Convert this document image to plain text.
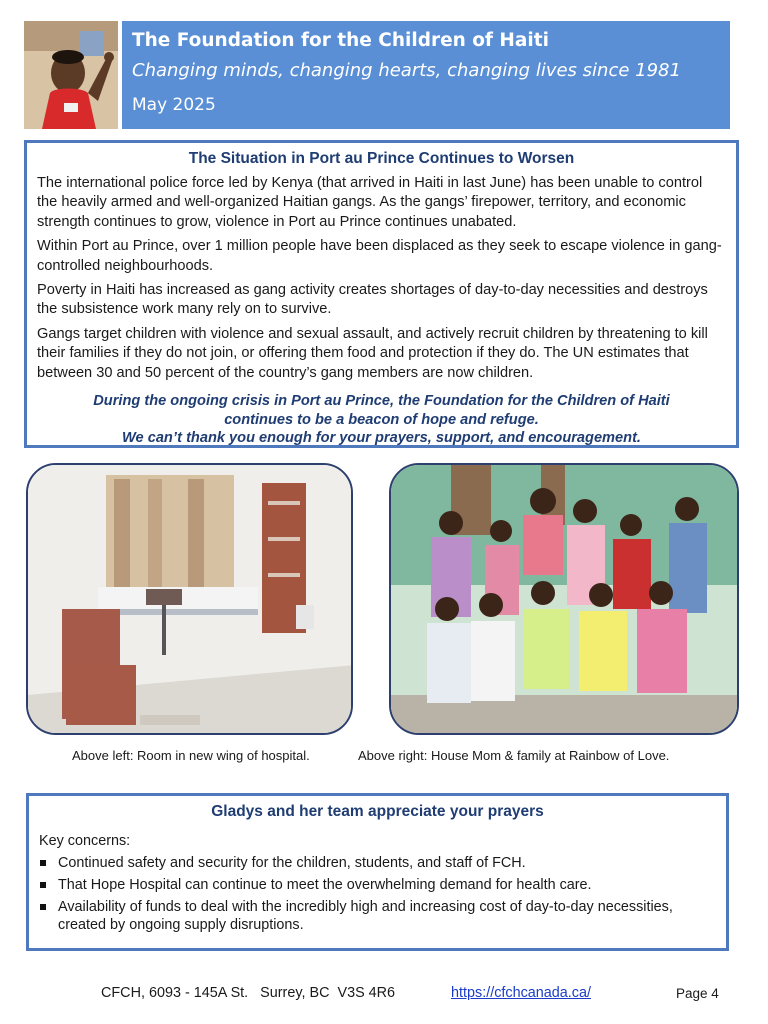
The Foundation for the Children of Haiti
Changing minds, changing hearts, changing lives since 1981
May 2025
The Situation in Port au Prince Continues to Worsen

The international police force led by Kenya (that arrived in Haiti in last June) has been unable to control the heavily armed and well-organized Haitian gangs. As the gangs’ firepower, territory, and economic strength continues to grow, violence in Port au Prince continues unabated.

Within Port au Prince, over 1 million people have been displaced as they seek to escape violence in gang-controlled neighbourhoods.

Poverty in Haiti has increased as gang activity creates shortages of day-to-day necessities and destroys the subsistence work many rely on to survive.

Gangs target children with violence and sexual assault, and actively recruit children by threatening to kill their families if they do not join, or offering them food and protection if they do. The UN estimates that between 30 and 50 percent of the country’s gang members are now children.

During the ongoing crisis in Port au Prince, the Foundation for the Children of Haiti
continues to be a beacon of hope and refuge.
We can’t thank you enough for your prayers, support, and encouragement.
Above left: Room in new wing of hospital.	Above right: House Mom & family at Rainbow of Love.
Gladys and her team appreciate your prayers
Key concerns:
Continued safety and security for the children, students, and staff of FCH.
That Hope Hospital can continue to meet the overwhelming demand for health care.
Availability of funds to deal with the incredibly high and increasing cost of day-to-day necessities, created by ongoing supply disruptions.
CFCH, 6093 - 145A St.   Surrey, BC  V3S 4R6	https://cfchcanada.ca/	Page 4
